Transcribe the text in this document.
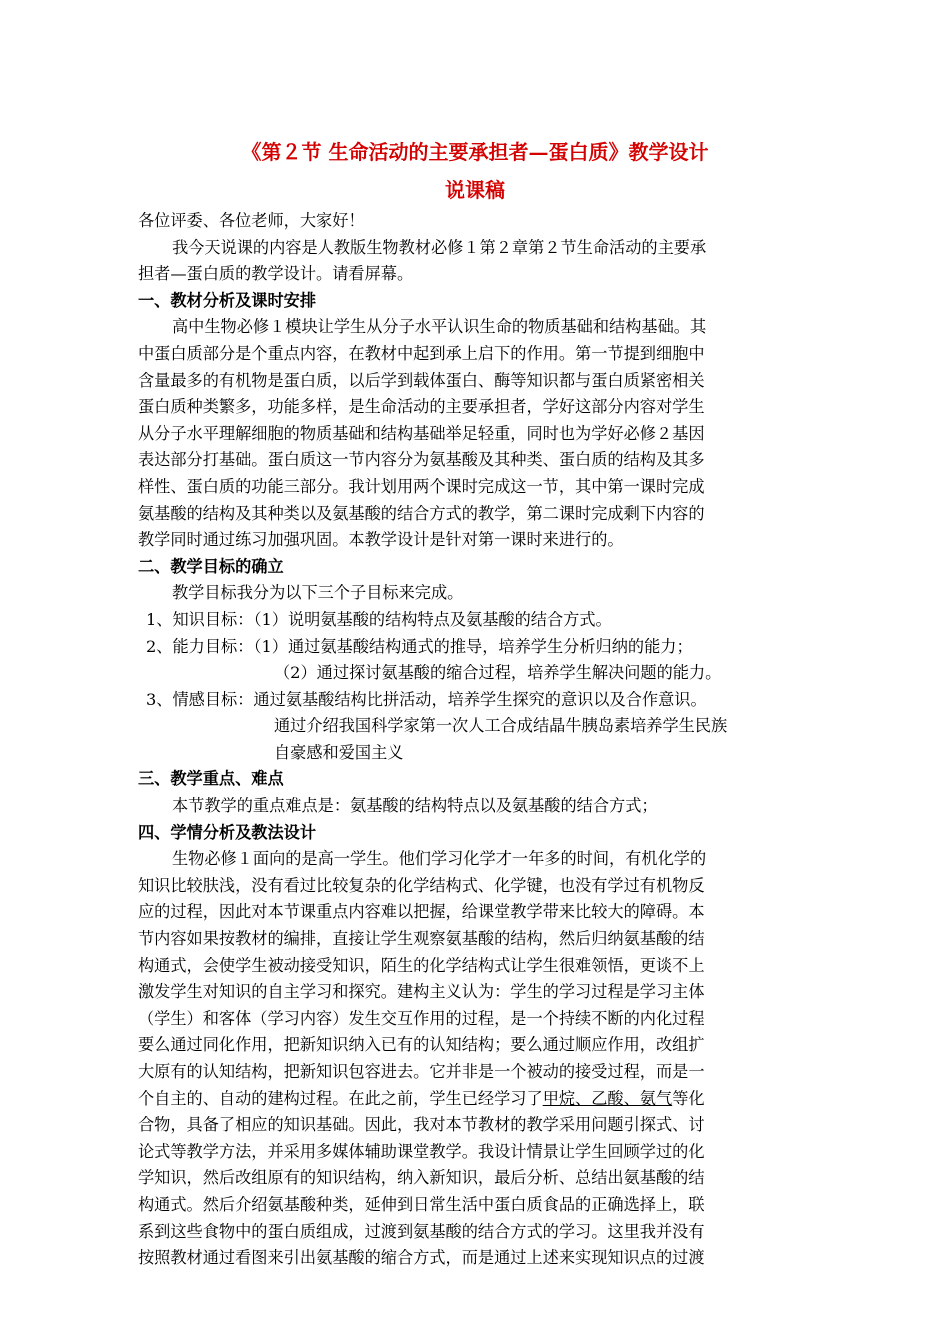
《第２节 生命活动的主要承担者—蛋白质》教学设计
说课稿
各位评委、各位老师，大家好！
我今天说课的内容是人教版生物教材必修１第２章第２节生命活动的主要承
担者—蛋白质的教学设计。请看屏幕。
一、教材分析及课时安排
高中生物必修１模块让学生从分子水平认识生命的物质基础和结构基础。其
中蛋白质部分是个重点内容，在教材中起到承上启下的作用。第一节提到细胞中
含量最多的有机物是蛋白质，以后学到载体蛋白、酶等知识都与蛋白质紧密相关
蛋白质种类繁多，功能多样，是生命活动的主要承担者，学好这部分内容对学生
从分子水平理解细胞的物质基础和结构基础举足轻重，同时也为学好必修２基因
表达部分打基础。蛋白质这一节内容分为氨基酸及其种类、蛋白质的结构及其多
样性、蛋白质的功能三部分。我计划用两个课时完成这一节，其中第一课时完成
氨基酸的结构及其种类以及氨基酸的结合方式的教学，第二课时完成剩下内容的
教学同时通过练习加强巩固。本教学设计是针对第一课时来进行的。
二、教学目标的确立
教学目标我分为以下三个子目标来完成。
1、知识目标：（1）说明氨基酸的结构特点及氨基酸的结合方式。
2、能力目标：（1）通过氨基酸结构通式的推导，培养学生分析归纳的能力；
（2）通过探讨氨基酸的缩合过程，培养学生解决问题的能力。
3、情感目标：通过氨基酸结构比拼活动，培养学生探究的意识以及合作意识。
通过介绍我国科学家第一次人工合成结晶牛胰岛素培养学生民族
自豪感和爱国主义
三、教学重点、难点
本节教学的重点难点是：氨基酸的结构特点以及氨基酸的结合方式；
四、学情分析及教法设计
生物必修１面向的是高一学生。他们学习化学才一年多的时间，有机化学的
知识比较肤浅，没有看过比较复杂的化学结构式、化学键，也没有学过有机物反
应的过程，因此对本节课重点内容难以把握，给课堂教学带来比较大的障碍。本
节内容如果按教材的编排，直接让学生观察氨基酸的结构，然后归纳氨基酸的结
构通式，会使学生被动接受知识，陌生的化学结构式让学生很难领悟，更谈不上
激发学生对知识的自主学习和探究。建构主义认为：学生的学习过程是学习主体
（学生）和客体（学习内容）发生交互作用的过程，是一个持续不断的内化过程
要么通过同化作用，把新知识纳入已有的认知结构；要么通过顺应作用，改组扩
大原有的认知结构，把新知识包容进去。它并非是一个被动的接受过程，而是一
个自主的、自动的建构过程。在此之前，学生已经学习了甲烷、乙酸、氨气等化
合物，具备了相应的知识基础。因此，我对本节教材的教学采用问题引探式、讨
论式等教学方法，并采用多媒体辅助课堂教学。我设计情景让学生回顾学过的化
学知识，然后改组原有的知识结构，纳入新知识，最后分析、总结出氨基酸的结
构通式。然后介绍氨基酸种类，延伸到日常生活中蛋白质食品的正确选择上，联
系到这些食物中的蛋白质组成，过渡到氨基酸的结合方式的学习。这里我并没有
按照教材通过看图来引出氨基酸的缩合方式，而是通过上述来实现知识点的过渡
